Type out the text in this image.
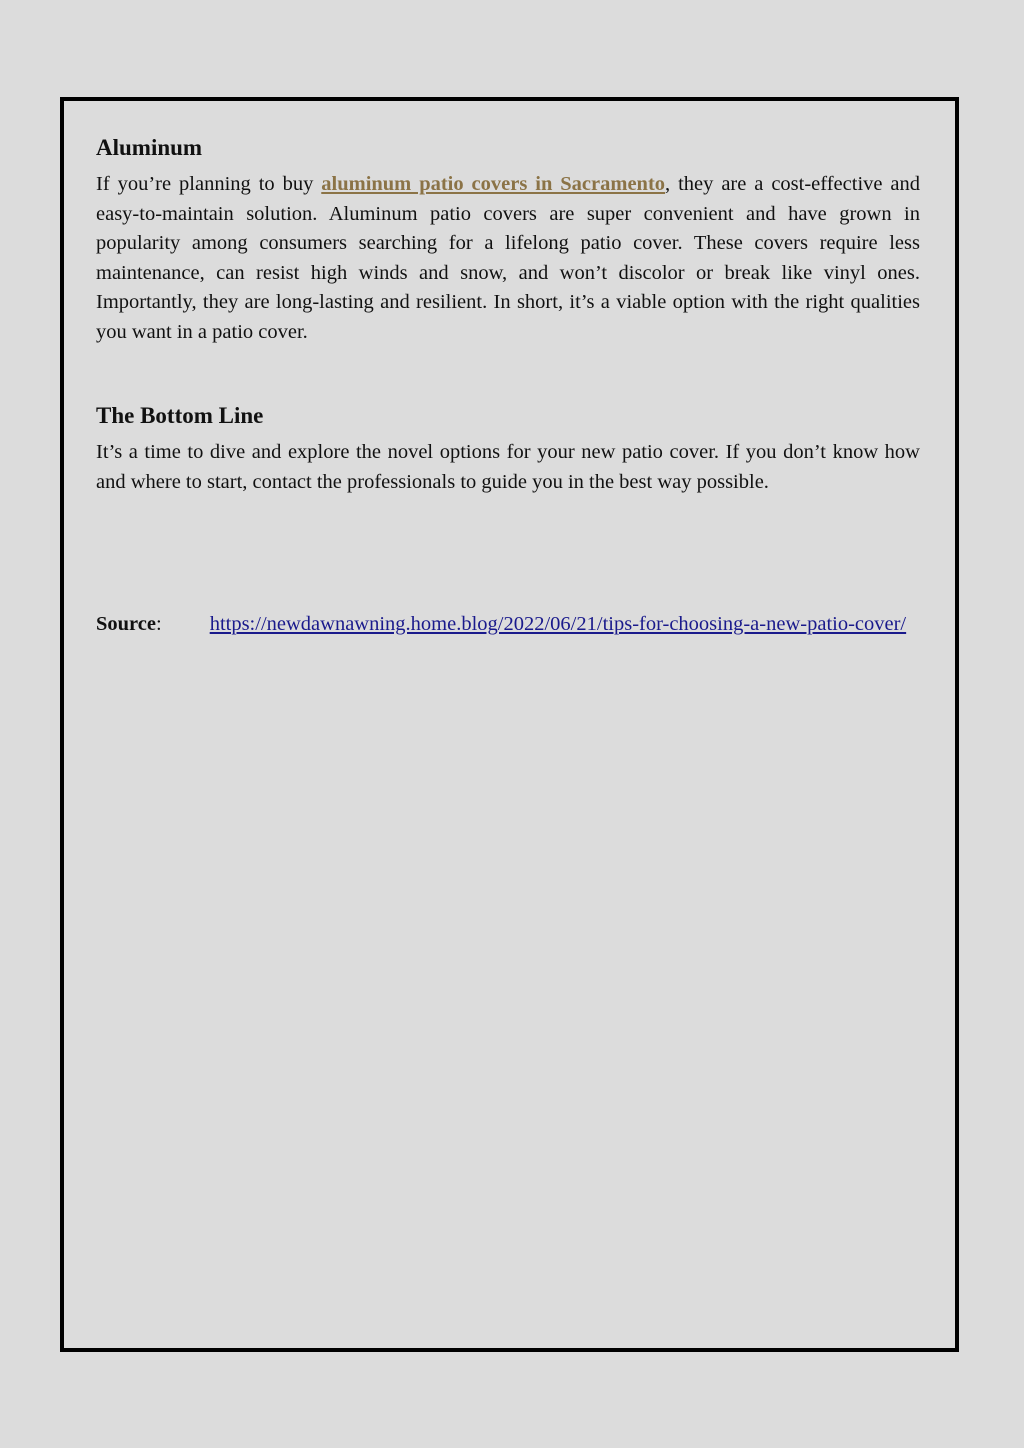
Aluminum

If you’re planning to buy aluminum patio covers in Sacramento, they are a cost-effective and easy-to-maintain solution. Aluminum patio covers are super convenient and have grown in popularity among consumers searching for a lifelong patio cover. These covers require less maintenance, can resist high winds and snow, and won’t discolor or break like vinyl ones. Importantly, they are long-lasting and resilient. In short, it’s a viable option with the right qualities you want in a patio cover.

The Bottom Line

It’s a time to dive and explore the novel options for your new patio cover. If you don’t know how and where to start, contact the professionals to guide you in the best way possible.

Source: https://newdawnawning.home.blog/2022/06/21/tips-for-choosing-a-new-patio-cover/
